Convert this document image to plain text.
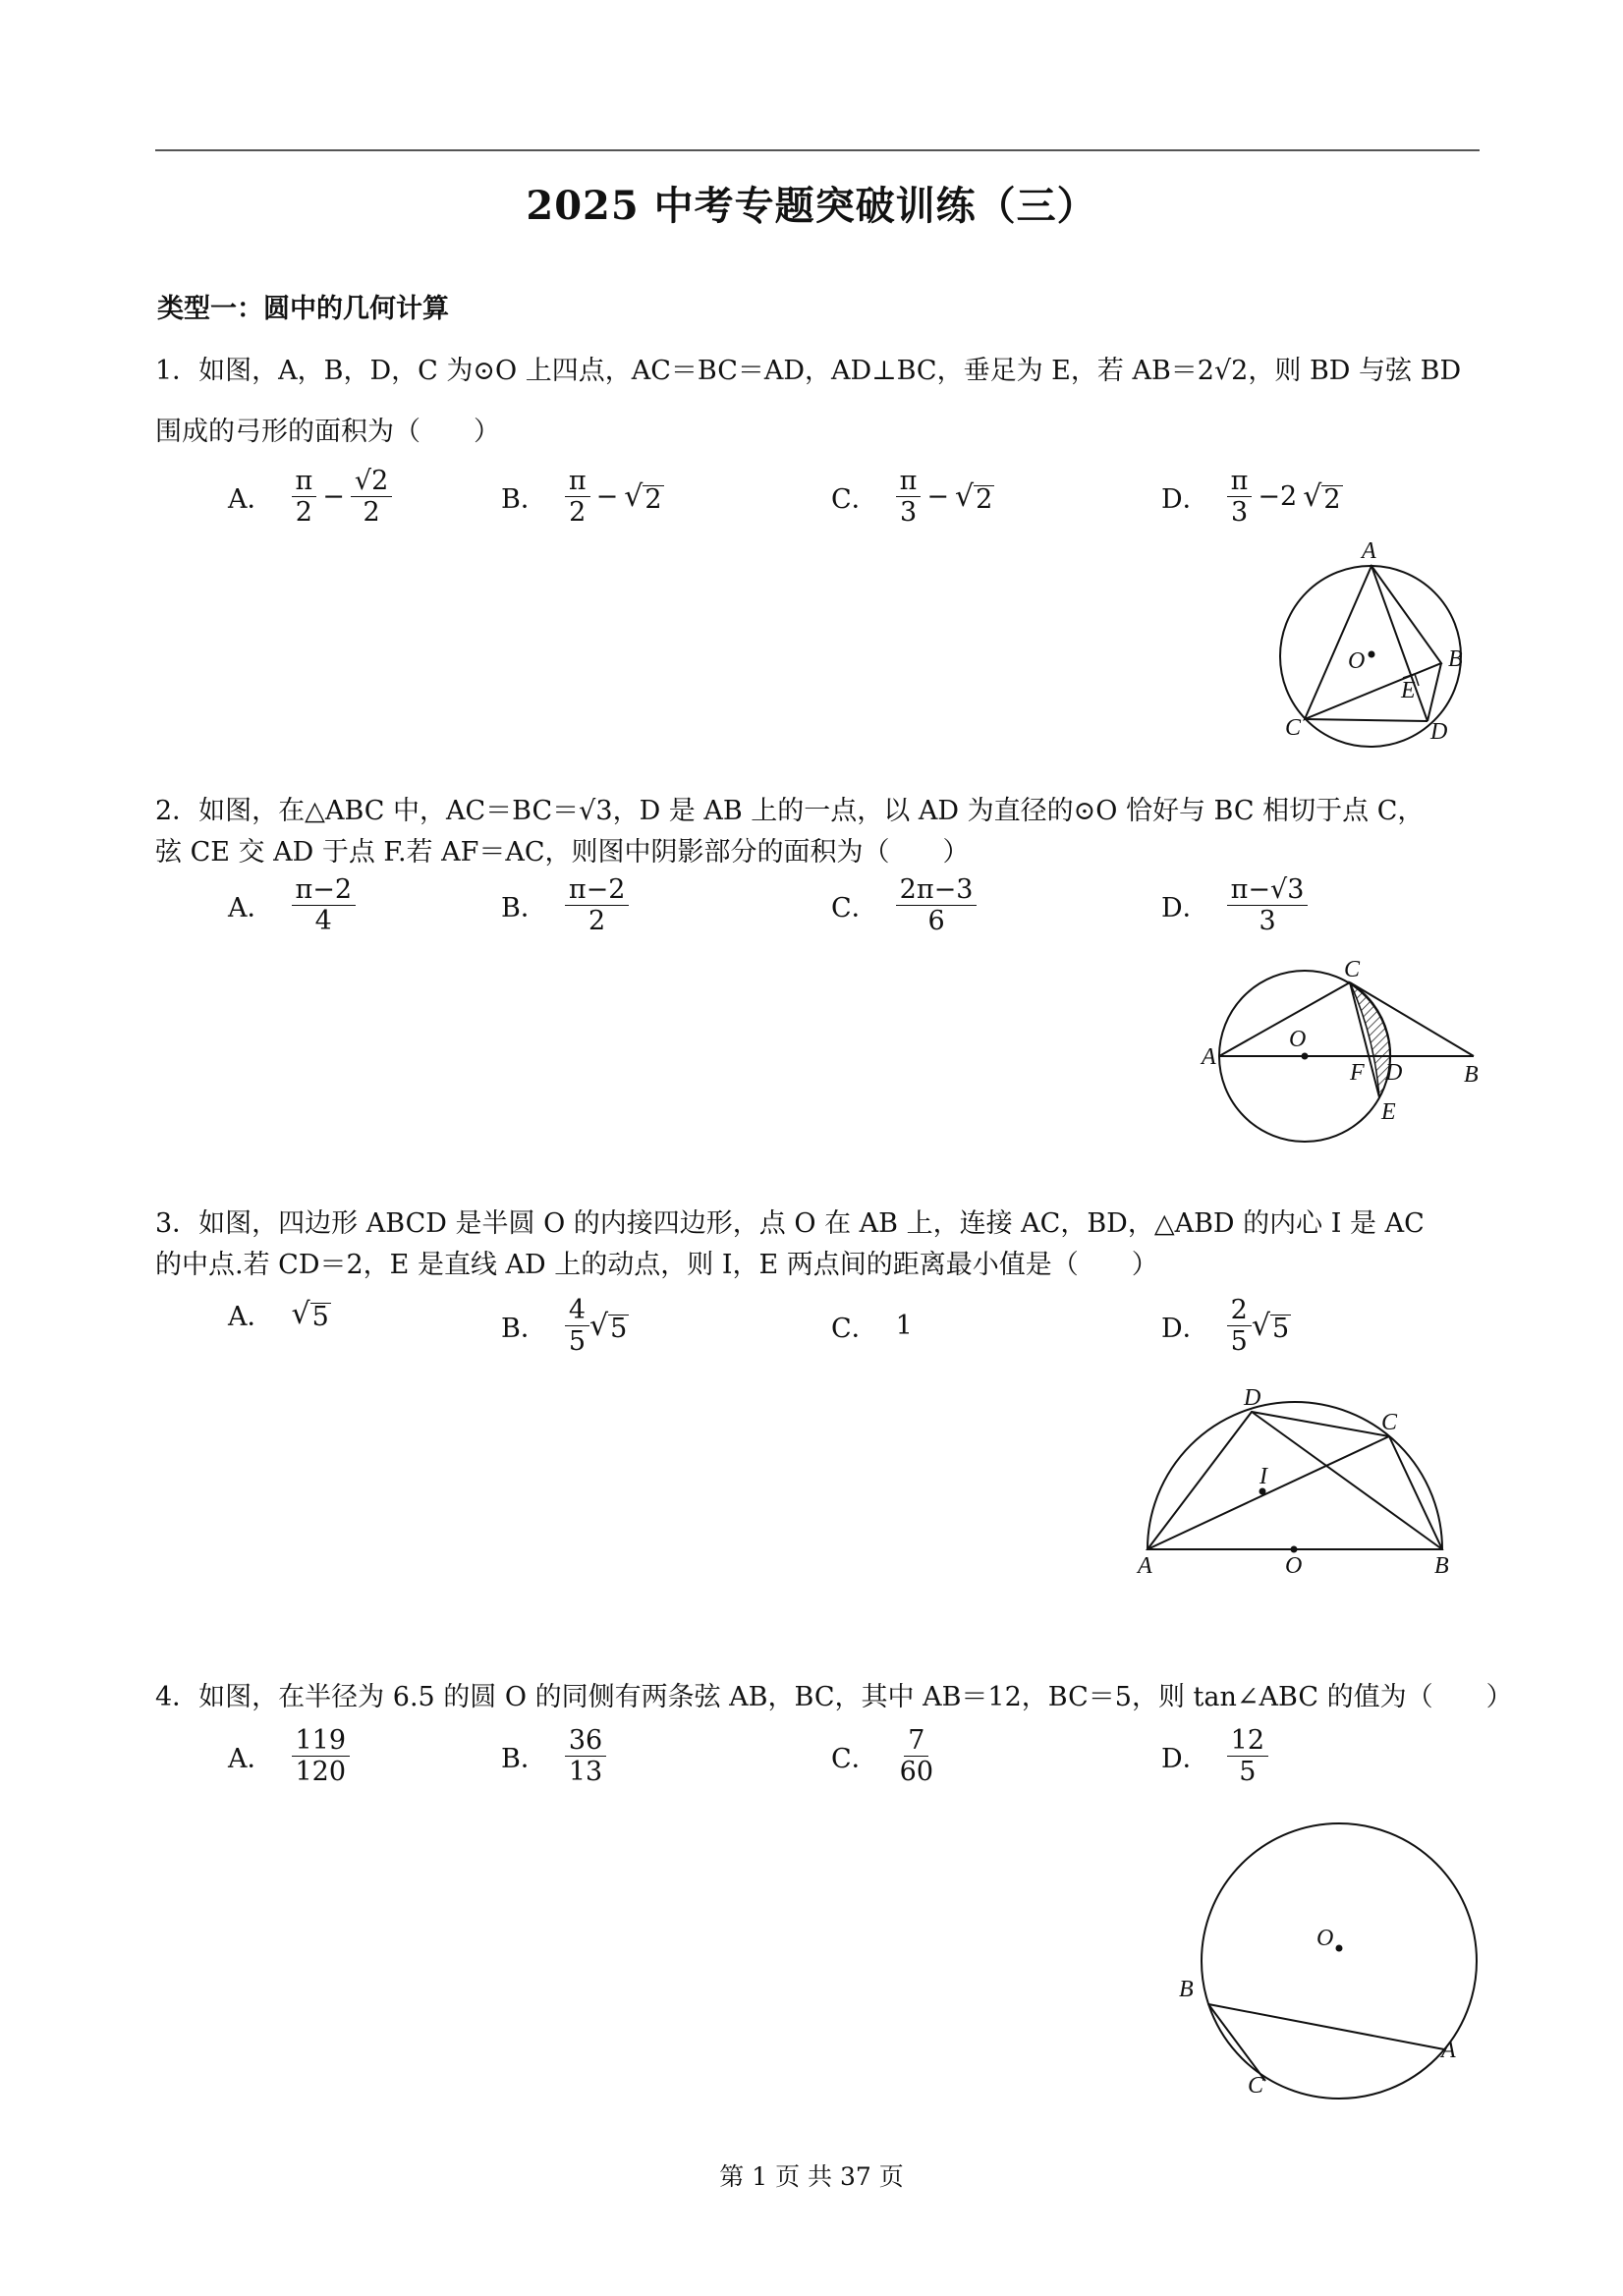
2025 中考专题突破训练（三）
类型一：圆中的几何计算
1．如图，A，B，D，C 为⊙O 上四点，AC＝BC＝AD，AD⊥BC，垂足为 E，若 AB＝2√2，则 BD 与弦 BD
围成的弓形的面积为（　　）
A． $\frac{\pi}{2} - \frac{√2}{2}$	B． $\frac{\pi}{2}$ − √ 2	C． $\frac{\pi}{3}$ − √ 2	D． $\frac{\pi}{3} -2$ √ 2
A
B
C	D
E
O
2．如图，在△ABC 中，AC＝BC＝√3，D 是 AB 上的一点，以 AD 为直径的⊙O 恰好与 BC 相切于点 C，
弦 CE 交 AD 于点 F.若 AF＝AC，则图中阴影部分的面积为（　　）
A． $\frac{\pi-2}{4}$	B． $\frac{\pi-2}{2}$	C． $\frac{2\pi-3}{6}$	D． $\frac{\pi-√3}{3}$
C
A
B
D
E
F
O
3．如图，四边形 ABCD 是半圆 O 的内接四边形，点 O 在 AB 上，连接 AC，BD，△ABD 的内心 I 是 AC
的中点.若 CD＝2，E 是直线 AD 上的动点，则 I，E 两点间的距离最小值是（　　）
A． √ 5	B． $\frac{4}{5}$ √ 5	C． 1	D． $\frac{2}{5}$ √ 5
D
C
I
A	O	B
4．如图，在半径为 6.5 的圆 O 的同侧有两条弦 AB，BC，其中 AB＝12，BC＝5，则 tan∠ABC 的值为（　　）
A． $\frac{119}{120}$	B． $\frac{36}{13}$	C． $\frac{7}{60}$	D． $\frac{12}{5}$
O
B
A
C
第 1 页 共 37 页
